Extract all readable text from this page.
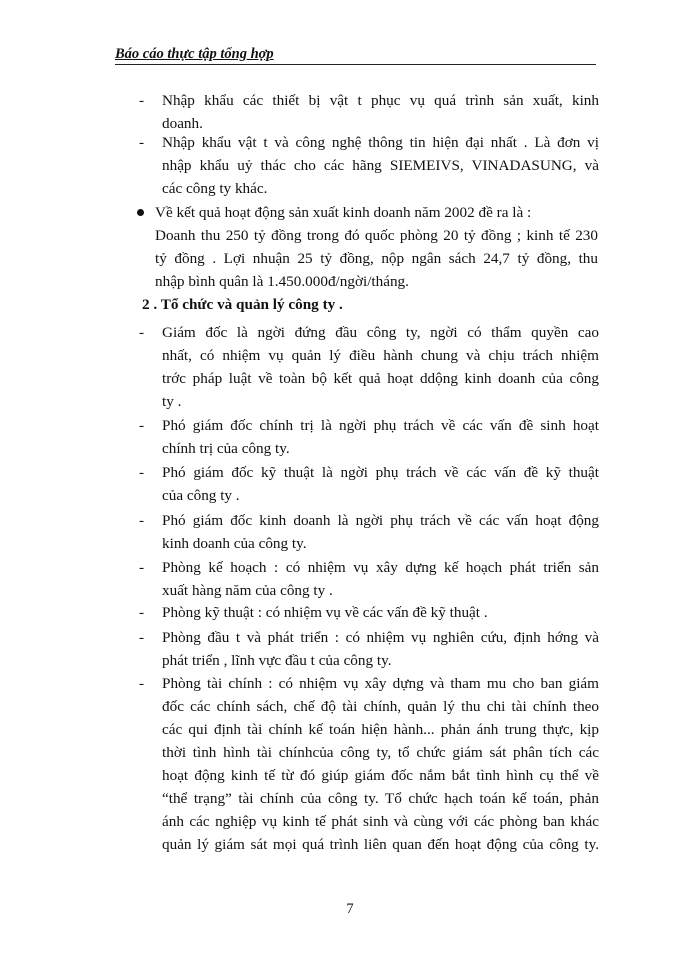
Báo cáo thực tập tổng hợp
-	Nhập khẩu các thiết bị vật t phục vụ quá trình sản xuất, kinh
doanh.
-	Nhập khẩu vật t và công nghệ thông tin hiện đại nhất . Là đơn vị
nhập khẩu uỷ thác cho các hãng SIEMEIVS, VINADASUNG, và
các công ty khác.
Về kết quả hoạt động sản xuất kinh doanh năm 2002 đề ra là :
Doanh thu 250 tỷ đồng trong đó quốc phòng 20 tỷ đồng ; kinh tế 230
tỷ đồng . Lợi nhuận 25 tỷ đồng, nộp ngân sách 24,7 tỷ đồng, thu
nhập bình quân là 1.450.000đ/ngời/tháng.
2 . Tổ chức và quản lý công ty .
-	Giám đốc là ngời đứng đầu công ty, ngời có thẩm quyền cao
nhất, có nhiệm vụ quản lý điều hành chung và chịu trách nhiệm
trớc pháp luật về toàn bộ kết quả hoạt ddộng kinh doanh của công
ty .
-	Phó giám đốc chính trị là ngời phụ trách về các vấn đề sinh hoạt
chính trị của công ty.
-	Phó giám đốc kỹ thuật là ngời phụ trách về các vấn đề kỹ thuật
của công ty .
-	Phó giám đốc kinh doanh là ngời phụ trách về các vấn hoạt động
kinh doanh của công ty.
-	Phòng kế hoạch : có nhiệm vụ xây dựng kế hoạch phát triển sản
xuất hàng năm của công ty .
-	Phòng kỹ thuật : có nhiệm vụ về các vấn đề kỹ thuật .
-	Phòng đầu t và phát triển : có nhiệm vụ nghiên cứu, định hớng và
phát triển , lĩnh vực đầu t của công ty.
-	Phòng tài chính : có nhiệm vụ xây dựng và tham mu cho ban giám
đốc các chính sách, chế độ tài chính, quản lý thu chi tài chính theo
các qui định tài chính kế toán hiện hành... phản ánh trung thực, kịp
thời tình hình tài chínhcủa công ty, tổ chức giám sát phân tích các
hoạt động kinh tế từ đó giúp giám đốc nắm bắt tình hình cụ thể về
“thể trạng” tài chính của công ty. Tổ chức hạch toán kế toán, phản
ánh các nghiệp vụ kinh tế phát sinh và cùng với các phòng ban khác
quản lý giám sát mọi quá trình liên quan đến hoạt động của công ty.
7
